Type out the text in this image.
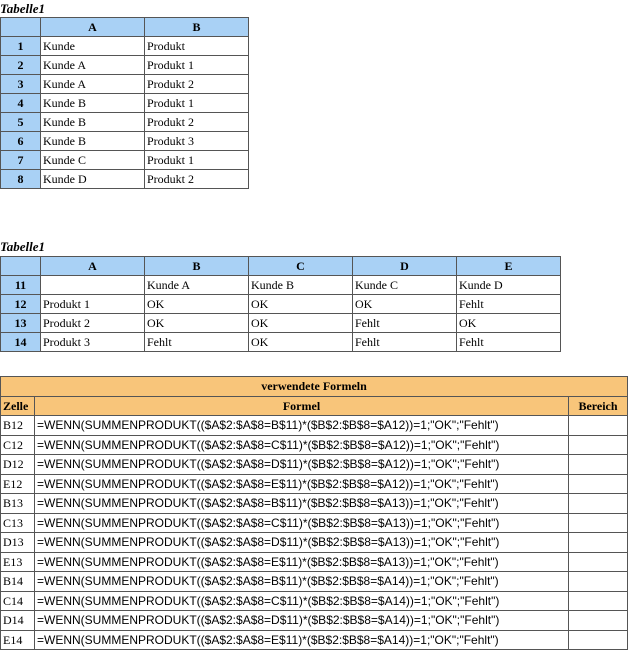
Tabelle1
	A	B
1	Kunde	Produkt
2	Kunde A	Produkt 1
3	Kunde A	Produkt 2
4	Kunde B	Produkt 1
5	Kunde B	Produkt 2
6	Kunde B	Produkt 3
7	Kunde C	Produkt 1
8	Kunde D	Produkt 2
Tabelle1
	A	B	C	D	E
11		Kunde A	Kunde B	Kunde C	Kunde D
12	Produkt 1	OK	OK	OK	Fehlt
13	Produkt 2	OK	OK	Fehlt	OK
14	Produkt 3	Fehlt	OK	Fehlt	Fehlt
verwendete Formeln		
Zelle	Formel	Bereich
B12	=WENN(SUMMENPRODUKT(($A$2:$A$8=B$11)*($B$2:$B$8=$A12))=1;"OK";"Fehlt")	
C12	=WENN(SUMMENPRODUKT(($A$2:$A$8=C$11)*($B$2:$B$8=$A12))=1;"OK";"Fehlt")	
D12	=WENN(SUMMENPRODUKT(($A$2:$A$8=D$11)*($B$2:$B$8=$A12))=1;"OK";"Fehlt")	
E12	=WENN(SUMMENPRODUKT(($A$2:$A$8=E$11)*($B$2:$B$8=$A12))=1;"OK";"Fehlt")	
B13	=WENN(SUMMENPRODUKT(($A$2:$A$8=B$11)*($B$2:$B$8=$A13))=1;"OK";"Fehlt")	
C13	=WENN(SUMMENPRODUKT(($A$2:$A$8=C$11)*($B$2:$B$8=$A13))=1;"OK";"Fehlt")	
D13	=WENN(SUMMENPRODUKT(($A$2:$A$8=D$11)*($B$2:$B$8=$A13))=1;"OK";"Fehlt")	
E13	=WENN(SUMMENPRODUKT(($A$2:$A$8=E$11)*($B$2:$B$8=$A13))=1;"OK";"Fehlt")	
B14	=WENN(SUMMENPRODUKT(($A$2:$A$8=B$11)*($B$2:$B$8=$A14))=1;"OK";"Fehlt")	
C14	=WENN(SUMMENPRODUKT(($A$2:$A$8=C$11)*($B$2:$B$8=$A14))=1;"OK";"Fehlt")	
D14	=WENN(SUMMENPRODUKT(($A$2:$A$8=D$11)*($B$2:$B$8=$A14))=1;"OK";"Fehlt")	
E14	=WENN(SUMMENPRODUKT(($A$2:$A$8=E$11)*($B$2:$B$8=$A14))=1;"OK";"Fehlt")	
